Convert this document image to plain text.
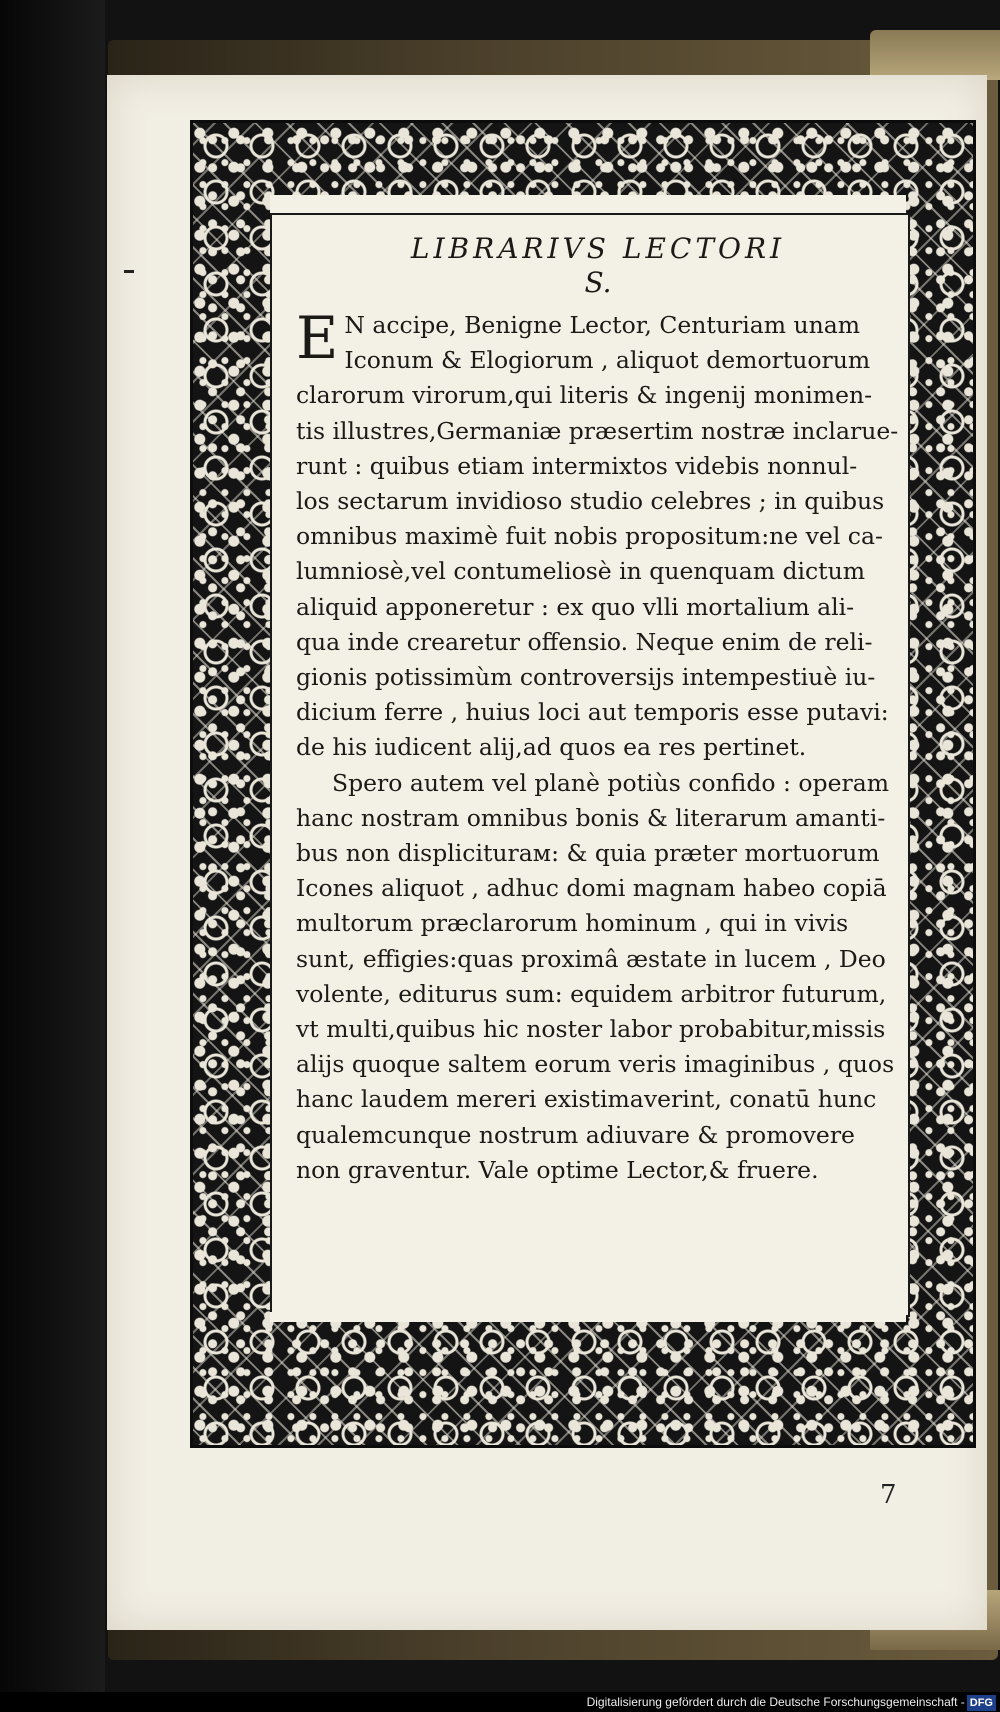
LIBRARIVS LECTORI
S.
E N accipe, Benigne Lector, Centuriam unam
Iconum & Elogiorum , aliquot demortuorum
clarorum virorum,qui literis & ingenij monimen-
tis illustres,Germaniæ præsertim nostræ inclarue-
runt : quibus etiam intermixtos videbis nonnul-
los sectarum invidioso studio celebres ; in quibus
omnibus maximè fuit nobis propositum:ne vel ca-
lumniosè,vel contumeliosè in quenquam dictum
aliquid apponeretur : ex quo vlli mortalium ali-
qua inde crearetur offensio. Neque enim de reli-
gionis potissimùm controversijs intempestiuè iu-
dicium ferre , huius loci aut temporis esse putavi:
de his iudicent alij,ad quos ea res pertinet.
Spero autem vel planè potiùs confido : operam
hanc nostram omnibus bonis & literarum amanti-
bus non displiciturам: & quia præter mortuorum
Icones aliquot , adhuc domi magnam habeo copiā
multorum præclarorum hominum , qui in vivis
sunt, effigies:quas proximâ æstate in lucem , Deo
volente, editurus sum: equidem arbitror futurum,
vt multi,quibus hic noster labor probabitur,missis
alijs quoque saltem eorum veris imaginibus , quos
hanc laudem mereri existimaverint, conatū hunc
qualemcunque nostrum adiuvare & promovere
non graventur. Vale optime Lector,& fruere.
7
Digitalisierung gefördert durch die Deutsche Forschungsgemeinschaft - DFG
